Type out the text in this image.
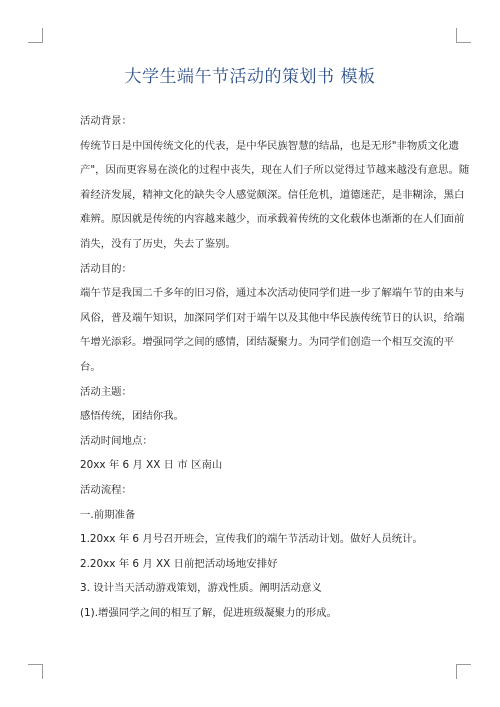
大学生端午节活动的策划书 模板

活动背景：

传统节日是中国传统文化的代表，是中华民族智慧的结晶，也是无形"非物质文化遗产"，因而更容易在淡化的过程中丧失，现在人们子所以觉得过节越来越没有意思。随着经济发展，精神文化的缺失令人感觉颇深。信任危机，道德迷茫，是非糊涂，黑白难辨。原因就是传统的内容越来越少，而承载着传统的文化载体也渐渐的在人们面前消失，没有了历史，失去了鉴别。

活动目的：

端午节是我国二千多年的旧习俗，通过本次活动使同学们进一步了解端午节的由来与风俗，普及端午知识，加深同学们对于端午以及其他中华民族传统节日的认识，给端午增光添彩。增强同学之间的感情，团结凝聚力。为同学们创造一个相互交流的平台。

活动主题：

感悟传统，团结你我。

活动时间地点：

20xx 年 6 月 XX 日 市 区南山

活动流程：

一.前期准备

1.20xx 年 6 月号召开班会，宣传我们的端午节活动计划。做好人员统计。

2.20xx 年 6 月 XX 日前把活动场地安排好

3. 设计当天活动游戏策划，游戏性质。阐明活动意义

(1).增强同学之间的相互了解，促进班级凝聚力的形成。
